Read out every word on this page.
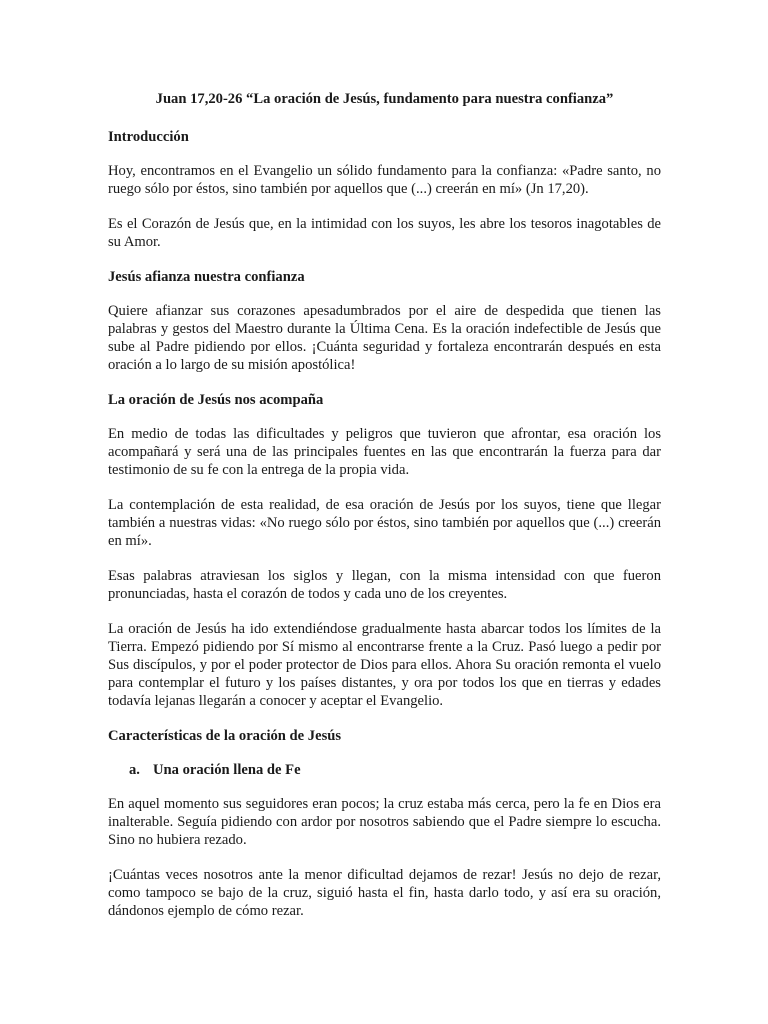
Juan 17,20-26 “La oración de Jesús, fundamento para nuestra confianza”
Introducción

Hoy, encontramos en el Evangelio un sólido fundamento para la confianza: «Padre santo, no ruego sólo por éstos, sino también por aquellos que (...) creerán en mí» (Jn 17,20).

Es el Corazón de Jesús que, en la intimidad con los suyos, les abre los tesoros inagotables de su Amor.

Jesús afianza nuestra confianza

Quiere afianzar sus corazones apesadumbrados por el aire de despedida que tienen las palabras y gestos del Maestro durante la Última Cena. Es la oración indefectible de Jesús que sube al Padre pidiendo por ellos. ¡Cuánta seguridad y fortaleza encontrarán después en esta oración a lo largo de su misión apostólica!

La oración de Jesús nos acompaña

En medio de todas las dificultades y peligros que tuvieron que afrontar, esa oración los acompañará y será una de las principales fuentes en las que encontrarán la fuerza para dar testimonio de su fe con la entrega de la propia vida.

La contemplación de esta realidad, de esa oración de Jesús por los suyos, tiene que llegar también a nuestras vidas: «No ruego sólo por éstos, sino también por aquellos que (...) creerán en mí».

Esas palabras atraviesan los siglos y llegan, con la misma intensidad con que fueron pronunciadas, hasta el corazón de todos y cada uno de los creyentes.

La oración de Jesús ha ido extendiéndose gradualmente hasta abarcar todos los límites de la Tierra. Empezó pidiendo por Sí mismo al encontrarse frente a la Cruz. Pasó luego a pedir por Sus discípulos, y por el poder protector de Dios para ellos. Ahora Su oración remonta el vuelo para contemplar el futuro y los países distantes, y ora por todos los que en tierras y edades todavía lejanas llegarán a conocer y aceptar el Evangelio.

Características de la oración de Jesús
a. Una oración llena de Fe

En aquel momento sus seguidores eran pocos; la cruz estaba más cerca, pero la fe en Dios era inalterable. Seguía pidiendo con ardor por nosotros sabiendo que el Padre siempre lo escucha. Sino no hubiera rezado.

¡Cuántas veces nosotros ante la menor dificultad dejamos de rezar! Jesús no dejo de rezar, como tampoco se bajo de la cruz, siguió hasta el fin, hasta darlo todo, y así era su oración, dándonos ejemplo de cómo rezar.
